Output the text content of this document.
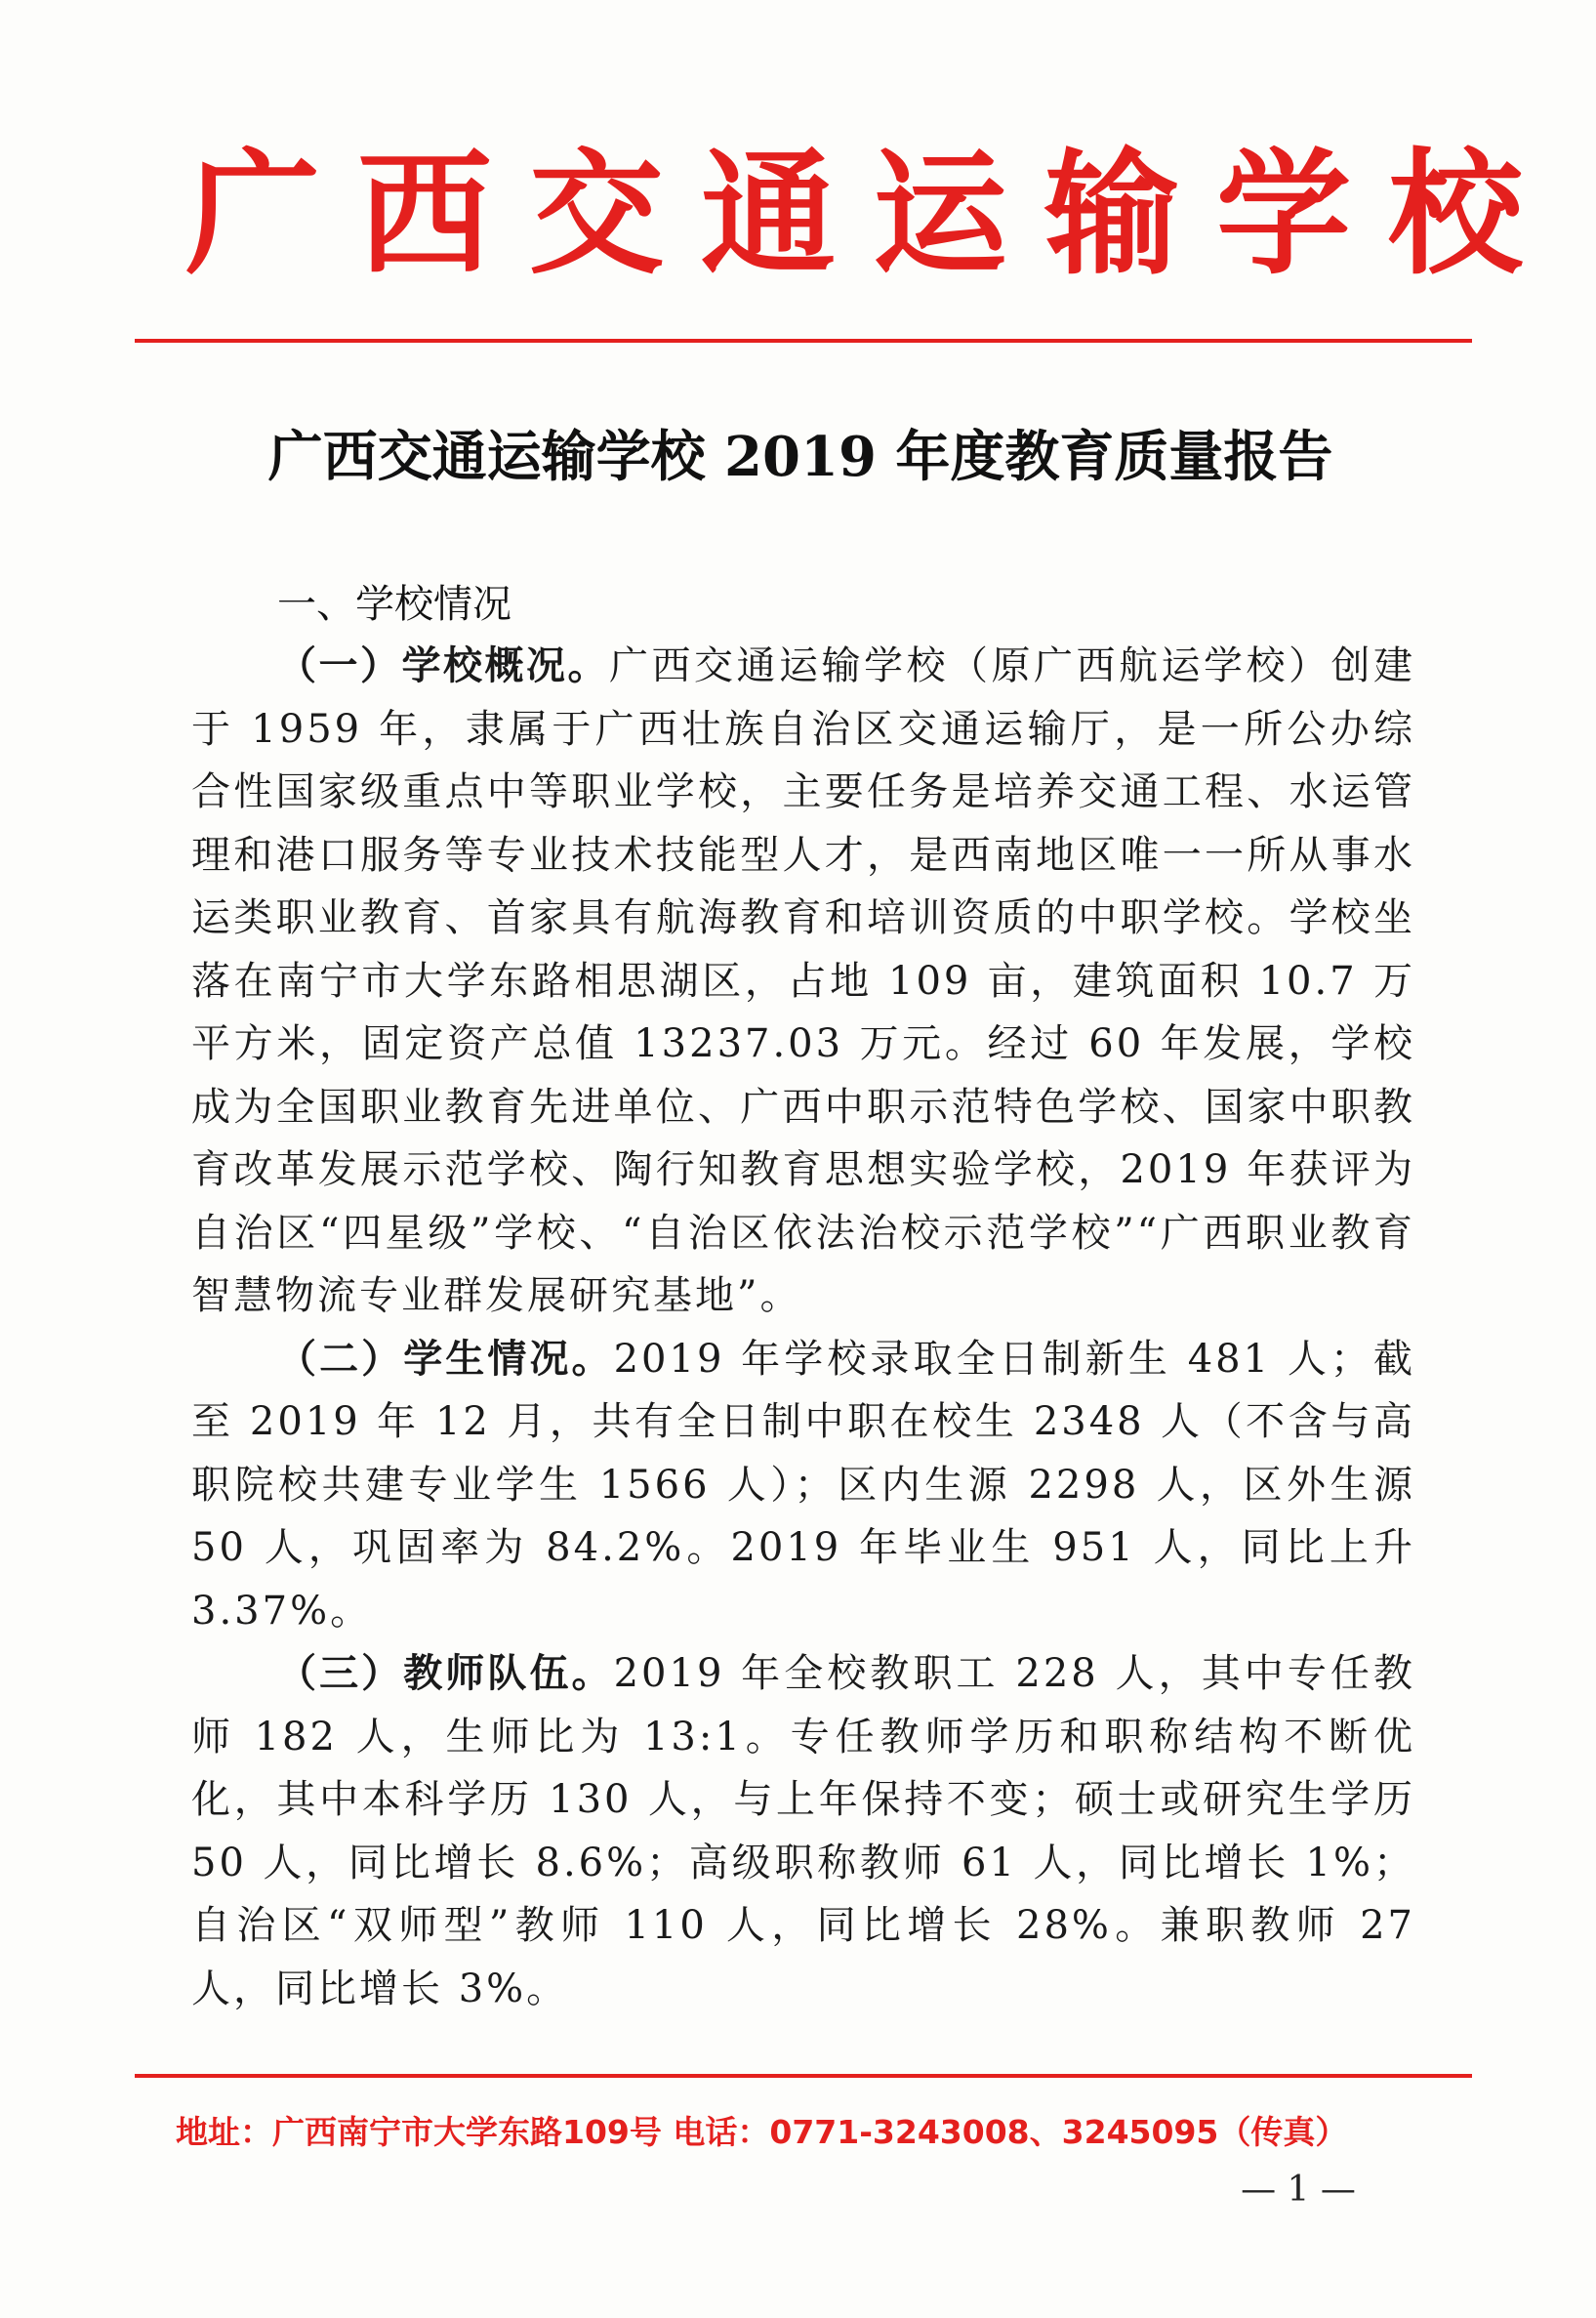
广西交通运输学校
广西交通运输学校 2019 年度教育质量报告
一、学校情况

（一）学校概况。广西交通运输学校（原广西航运学校）创建于 1959 年，隶属于广西壮族自治区交通运输厅，是一所公办综合性国家级重点中等职业学校，主要任务是培养交通工程、水运管理和港口服务等专业技术技能型人才，是西南地区唯一一所从事水运类职业教育、首家具有航海教育和培训资质的中职学校。学校坐落在南宁市大学东路相思湖区，占地 109 亩，建筑面积 10.7 万平方米，固定资产总值 13237.03 万元。经过 60 年发展，学校成为全国职业教育先进单位、广西中职示范特色学校、国家中职教育改革发展示范学校、陶行知教育思想实验学校，2019 年获评为自治区“四星级”学校、“自治区依法治校示范学校”“广西职业教育智慧物流专业群发展研究基地”。

（二）学生情况。2019 年学校录取全日制新生 481 人；截至 2019 年 12 月，共有全日制中职在校生 2348 人（不含与高职院校共建专业学生 1566 人）；区内生源 2298 人，区外生源 50 人，巩固率为 84.2%。2019 年毕业生 951 人，同比上升 3.37%。

（三）教师队伍。2019 年全校教职工 228 人，其中专任教师 182 人，生师比为 13:1。专任教师学历和职称结构不断优化，其中本科学历 130 人，与上年保持不变；硕士或研究生学历 50 人，同比增长 8.6%；高级职称教师 61 人，同比增长 1%；自治区“双师型”教师 110 人，同比增长 28%。兼职教师 27 人，同比增长 3%。

地址：广西南宁市大学东路109号 电话：0771-3243008、3245095（传真）
— 1 —
